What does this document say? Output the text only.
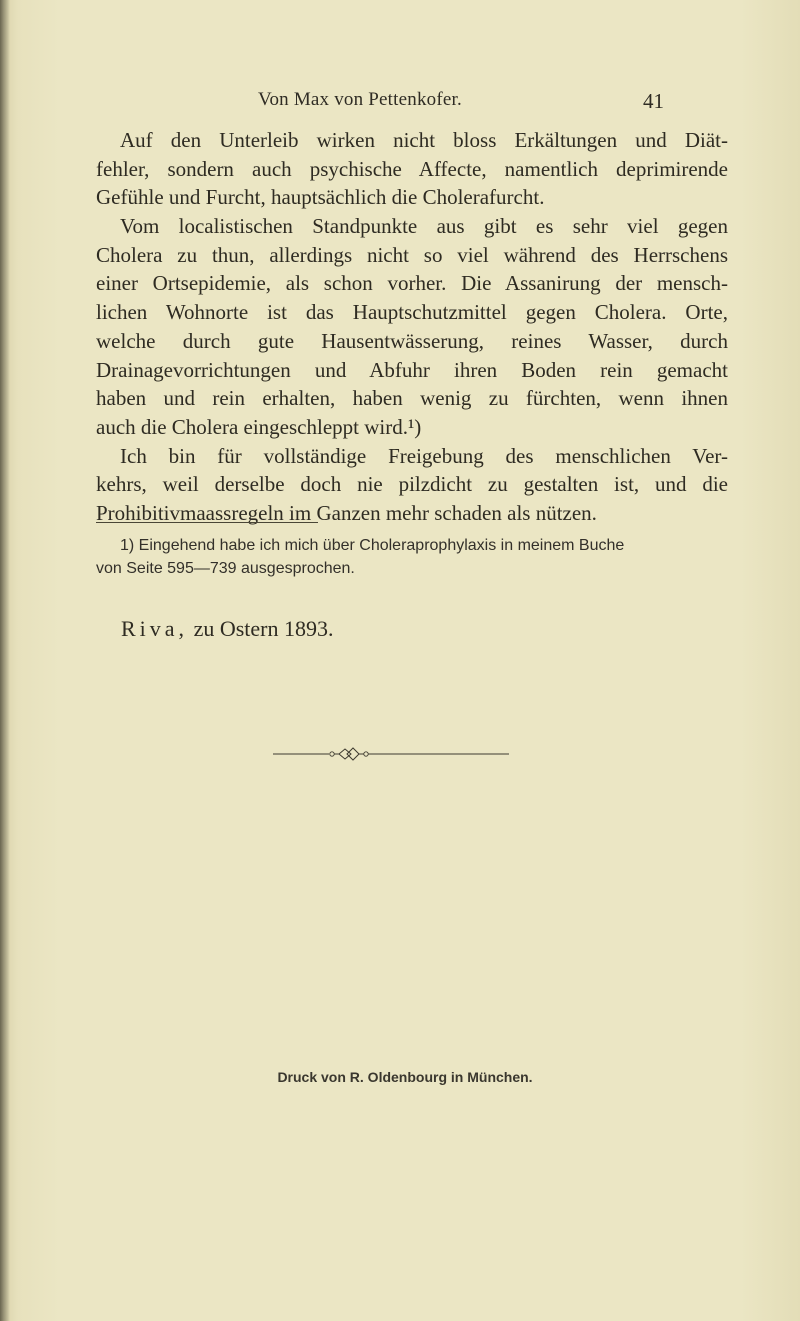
Von Max von Pettenkofer.	41
Auf den Unterleib wirken nicht bloss Erkältungen und Diät-
fehler, sondern auch psychische Affecte, namentlich deprimirende
Gefühle und Furcht, hauptsächlich die Cholerafurcht.
Vom localistischen Standpunkte aus gibt es sehr viel gegen
Cholera zu thun, allerdings nicht so viel während des Herrschens
einer Ortsepidemie, als schon vorher. Die Assanirung der mensch-
lichen Wohnorte ist das Hauptschutzmittel gegen Cholera. Orte,
welche durch gute Hausentwässerung, reines Wasser, durch
Drainagevorrichtungen und Abfuhr ihren Boden rein gemacht
haben und rein erhalten, haben wenig zu fürchten, wenn ihnen
auch die Cholera eingeschleppt wird.¹)
Ich bin für vollständige Freigebung des menschlichen Ver-
kehrs, weil derselbe doch nie pilzdicht zu gestalten ist, und die
Prohibitivmaassregeln im Ganzen mehr schaden als nützen.
1) Eingehend habe ich mich über Choleraprophylaxis in meinem Buche
von Seite 595—739 ausgesprochen.
Riva, zu Ostern 1893.
Druck von R. Oldenbourg in München.
